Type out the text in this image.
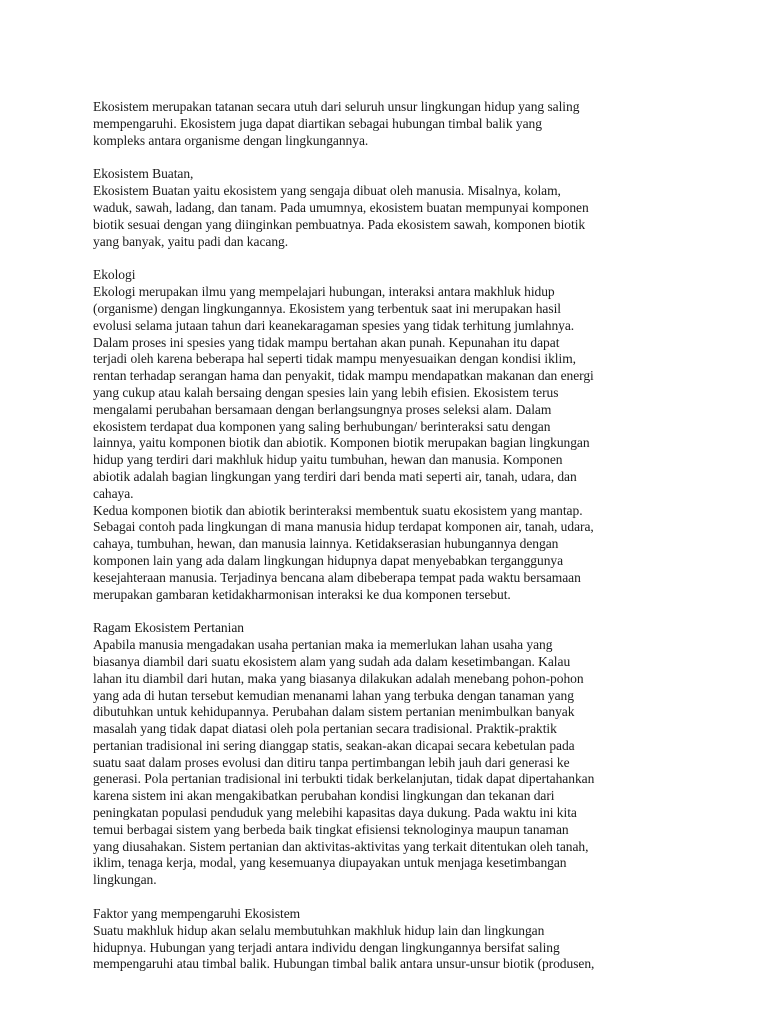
Ekosistem merupakan tatanan secara utuh dari seluruh unsur lingkungan hidup yang saling
mempengaruhi. Ekosistem juga dapat diartikan sebagai hubungan timbal balik yang
kompleks antara organisme dengan lingkungannya.

Ekosistem Buatan,

Ekosistem Buatan yaitu ekosistem yang sengaja dibuat oleh manusia. Misalnya, kolam,
waduk, sawah, ladang, dan tanam. Pada umumnya, ekosistem buatan mempunyai komponen
biotik sesuai dengan yang diinginkan pembuatnya. Pada ekosistem sawah, komponen biotik
yang banyak, yaitu padi dan kacang.

Ekologi

Ekologi merupakan ilmu yang mempelajari hubungan, interaksi antara makhluk hidup
(organisme) dengan lingkungannya. Ekosistem yang terbentuk saat ini merupakan hasil
evolusi selama jutaan tahun dari keanekaragaman spesies yang tidak terhitung jumlahnya.
Dalam proses ini spesies yang tidak mampu bertahan akan punah. Kepunahan itu dapat
terjadi oleh karena beberapa hal seperti tidak mampu menyesuaikan dengan kondisi iklim,
rentan terhadap serangan hama dan penyakit, tidak mampu mendapatkan makanan dan energi
yang cukup atau kalah bersaing dengan spesies lain yang lebih efisien. Ekosistem terus
mengalami perubahan bersamaan dengan berlangsungnya proses seleksi alam. Dalam
ekosistem terdapat dua komponen yang saling berhubungan/ berinteraksi satu dengan
lainnya, yaitu komponen biotik dan abiotik. Komponen biotik merupakan bagian lingkungan
hidup yang terdiri dari makhluk hidup yaitu tumbuhan, hewan dan manusia. Komponen
abiotik adalah bagian lingkungan yang terdiri dari benda mati seperti air, tanah, udara, dan
cahaya.

Kedua komponen biotik dan abiotik berinteraksi membentuk suatu ekosistem yang mantap.
Sebagai contoh pada lingkungan di mana manusia hidup terdapat komponen air, tanah, udara,
cahaya, tumbuhan, hewan, dan manusia lainnya. Ketidakserasian hubungannya dengan
komponen lain yang ada dalam lingkungan hidupnya dapat menyebabkan terganggunya
kesejahteraan manusia. Terjadinya bencana alam dibeberapa tempat pada waktu bersamaan
merupakan gambaran ketidakharmonisan interaksi ke dua komponen tersebut.

Ragam Ekosistem Pertanian

Apabila manusia mengadakan usaha pertanian maka ia memerlukan lahan usaha yang
biasanya diambil dari suatu ekosistem alam yang sudah ada dalam kesetimbangan. Kalau
lahan itu diambil dari hutan, maka yang biasanya dilakukan adalah menebang pohon-pohon
yang ada di hutan tersebut kemudian menanami lahan yang terbuka dengan tanaman yang
dibutuhkan untuk kehidupannya. Perubahan dalam sistem pertanian menimbulkan banyak
masalah yang tidak dapat diatasi oleh pola pertanian secara tradisional. Praktik-praktik
pertanian tradisional ini sering dianggap statis, seakan-akan dicapai secara kebetulan pada
suatu saat dalam proses evolusi dan ditiru tanpa pertimbangan lebih jauh dari generasi ke
generasi. Pola pertanian tradisional ini terbukti tidak berkelanjutan, tidak dapat dipertahankan
karena sistem ini akan mengakibatkan perubahan kondisi lingkungan dan tekanan dari
peningkatan populasi penduduk yang melebihi kapasitas daya dukung. Pada waktu ini kita
temui berbagai sistem yang berbeda baik tingkat efisiensi teknologinya maupun tanaman
yang diusahakan. Sistem pertanian dan aktivitas-aktivitas yang terkait ditentukan oleh tanah,
iklim, tenaga kerja, modal, yang kesemuanya diupayakan untuk menjaga kesetimbangan
lingkungan.

Faktor yang mempengaruhi Ekosistem

Suatu makhluk hidup akan selalu membutuhkan makhluk hidup lain dan lingkungan
hidupnya. Hubungan yang terjadi antara individu dengan lingkungannya bersifat saling
mempengaruhi atau timbal balik. Hubungan timbal balik antara unsur-unsur biotik (produsen,
